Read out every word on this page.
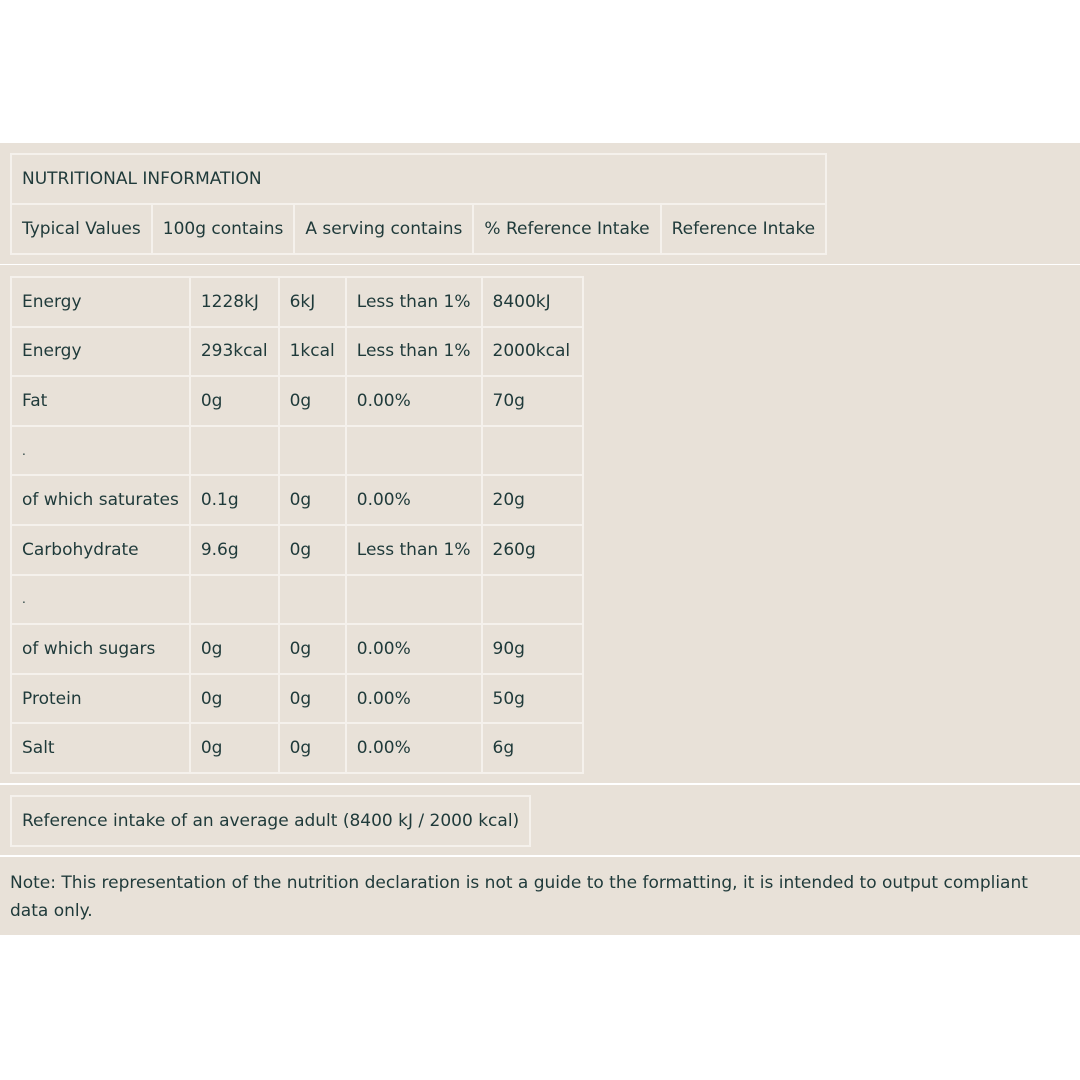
NUTRITIONAL INFORMATION
Typical Values	100g contains	A serving contains	% Reference Intake	Reference Intake
Energy	1228kJ	6kJ	Less than 1%	8400kJ
Energy	293kcal	1kcal	Less than 1%	2000kcal
Fat	0g	0g	0.00%	70g
.				
of which saturates	0.1g	0g	0.00%	20g
Carbohydrate	9.6g	0g	Less than 1%	260g
.				
of which sugars	0g	0g	0.00%	90g
Protein	0g	0g	0.00%	50g
Salt	0g	0g	0.00%	6g
Reference intake of an average adult (8400 kJ / 2000 kcal)
Note: This representation of the nutrition declaration is not a guide to the formatting, it is intended to output compliant data only.
